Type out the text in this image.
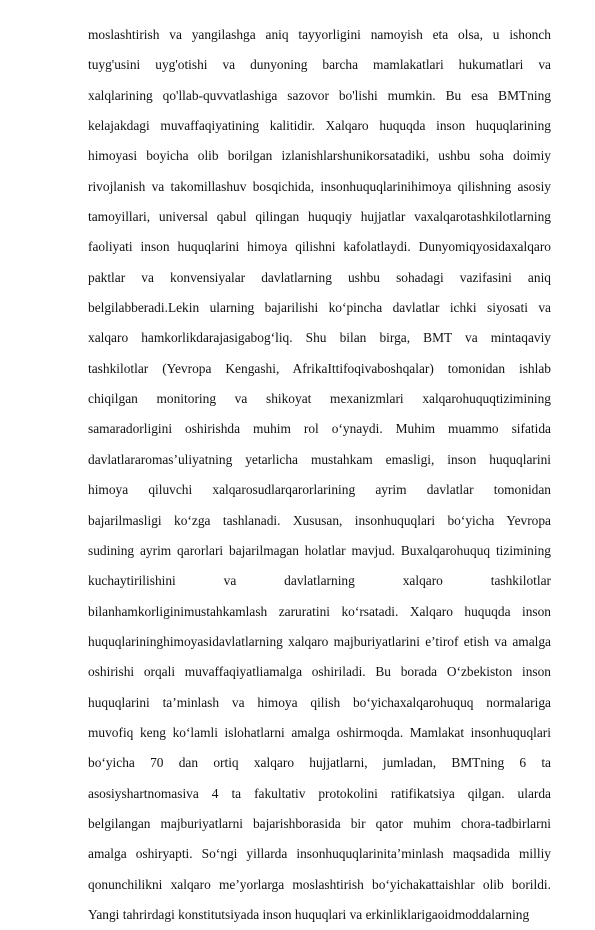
moslashtirish va yangilashga aniq tayyorligini namoyish eta olsa, u ishonch
tuyg'usini uyg'otishi va dunyoning barcha mamlakatlari hukumatlari va
xalqlarining qo'llab-quvvatlashiga sazovor bo'lishi mumkin. Bu esa BMTning
kelajakdagi muvaffaqiyatining kalitidir. Xalqaro huquqda inson huquqlarining
himoyasi boyicha olib borilgan izlanishlarshunikorsatadiki, ushbu soha doimiy
rivojlanish va takomillashuv bosqichida, insonhuquqlarinihimoya qilishning asosiy
tamoyillari, universal qabul qilingan huquqiy hujjatlar vaxalqarotashkilotlarning
faoliyati inson huquqlarini himoya qilishni kafolatlaydi. Dunyomiqyosidaxalqaro
paktlar va konvensiyalar davlatlarning ushbu sohadagi vazifasini aniq
belgilabberadi.Lekin ularning bajarilishi ko‘pincha davlatlar ichki siyosati va
xalqaro hamkorlikdarajasigabog‘liq. Shu bilan birga, BMT va mintaqaviy
tashkilotlar (Yevropa Kengashi, AfrikaIttifoqivaboshqalar) tomonidan ishlab
chiqilgan monitoring va shikoyat mexanizmlari xalqarohuquqtizimining
samaradorligini oshirishda muhim rol o‘ynaydi. Muhim muammo sifatida
davlatlararomas’uliyatning yetarlicha mustahkam emasligi, inson huquqlarini
himoya qiluvchi xalqarosudlarqarorlarining ayrim davlatlar tomonidan
bajarilmasligi ko‘zga tashlanadi. Xususan, insonhuquqlari bo‘yicha Yevropa
sudining ayrim qarorlari bajarilmagan holatlar mavjud. Buxalqarohuquq tizimining
kuchaytirilishini va davlatlarning xalqaro tashkilotlar
bilanhamkorliginimustahkamlash zaruratini ko‘rsatadi. Xalqaro huquqda inson
huquqlarininghimoyasidavlatlarning xalqaro majburiyatlarini e’tirof etish va amalga
oshirishi orqali muvaffaqiyatliamalga oshiriladi. Bu borada O‘zbekiston inson
huquqlarini ta’minlash va himoya qilish bo‘yichaxalqarohuquq normalariga
muvofiq keng ko‘lamli islohatlarni amalga oshirmoqda. Mamlakat insonhuquqlari
bo‘yicha 70 dan ortiq xalqaro hujjatlarni, jumladan, BMTning 6 ta
asosiyshartnomasiva 4 ta fakultativ protokolini ratifikatsiya qilgan. ularda
belgilangan majburiyatlarni bajarishborasida bir qator muhim chora-tadbirlarni
amalga oshiryapti. So‘ngi yillarda insonhuquqlarinita’minlash maqsadida milliy
qonunchilikni xalqaro me’yorlarga moslashtirish bo‘yichakattaishlar olib borildi.
Yangi tahrirdagi konstitutsiyada inson huquqlari va erkinliklarigaoidmoddalarning
